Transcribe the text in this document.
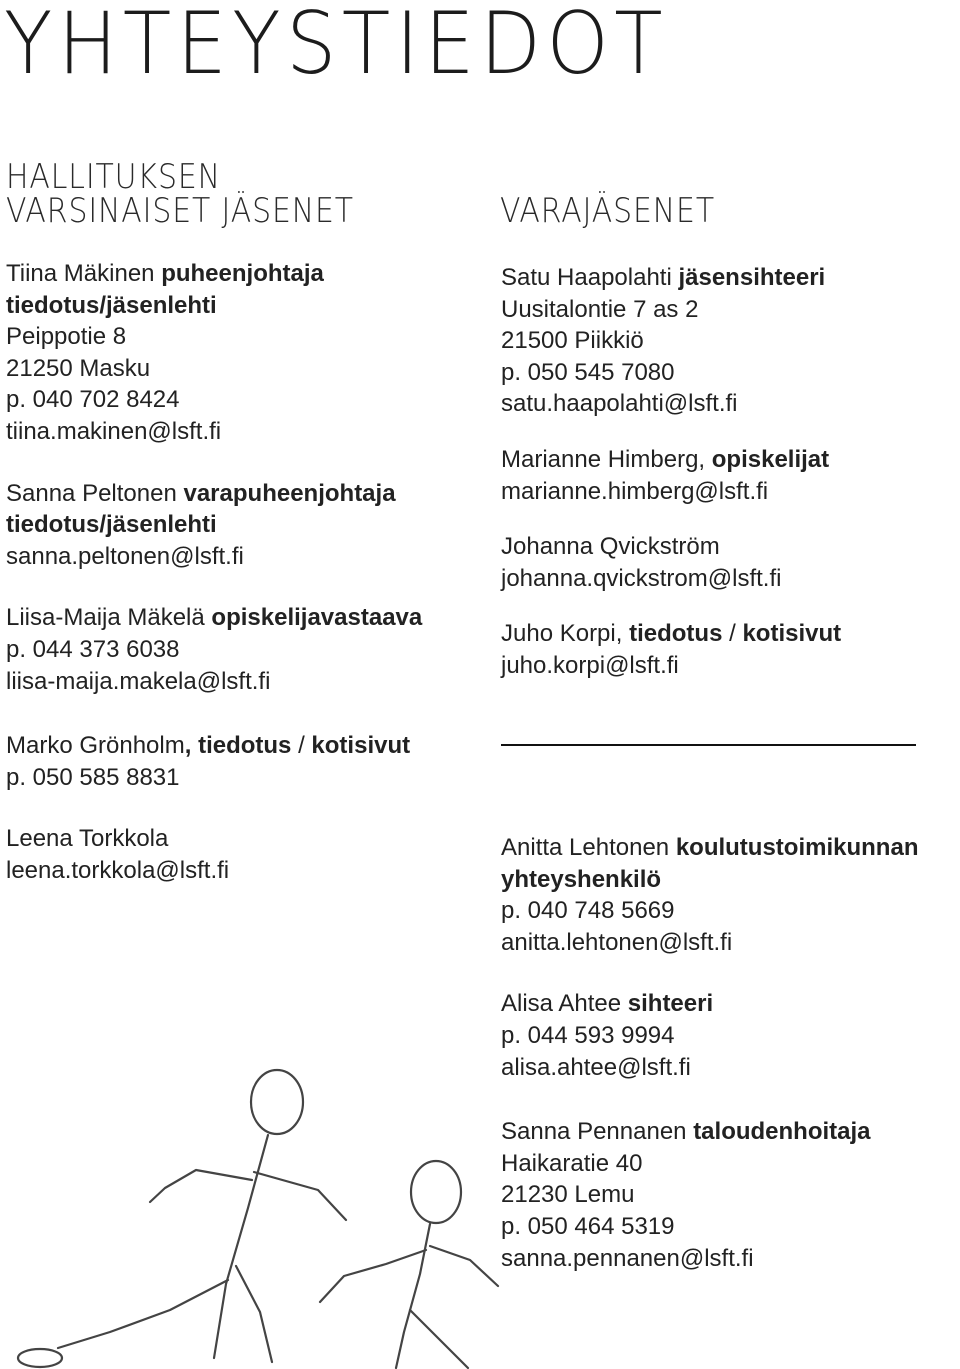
YHTEYSTIEDOT
HALLITUKSEN
VARSINAISET JÄSENET	VARAJÄSENET
Tiina Mäkinen puheenjohtaja
tiedotus/jäsenlehti
Peippotie 8
21250 Masku
p. 040 702 8424
tiina.makinen@lsft.fi
Sanna Peltonen varapuheenjohtaja
tiedotus/jäsenlehti
sanna.peltonen@lsft.fi
Liisa-Maija Mäkelä opiskelijavastaava
p. 044 373 6038
liisa-maija.makela@lsft.fi
Marko Grönholm, tiedotus / kotisivut
p. 050 585 8831
Leena Torkkola
leena.torkkola@lsft.fi
Satu Haapolahti jäsensihteeri
Uusitalontie 7 as 2
21500 Piikkiö
p. 050 545 7080
satu.haapolahti@lsft.fi
Marianne Himberg, opiskelijat
marianne.himberg@lsft.fi
Johanna Qvickström
johanna.qvickstrom@lsft.fi
Juho Korpi, tiedotus / kotisivut
juho.korpi@lsft.fi
Anitta Lehtonen koulutustoimikunnan
yhteyshenkilö
p. 040 748 5669
anitta.lehtonen@lsft.fi
Alisa Ahtee sihteeri
p. 044 593 9994
alisa.ahtee@lsft.fi
Sanna Pennanen taloudenhoitaja
Haikaratie 40
21230 Lemu
p. 050 464 5319
sanna.pennanen@lsft.fi
